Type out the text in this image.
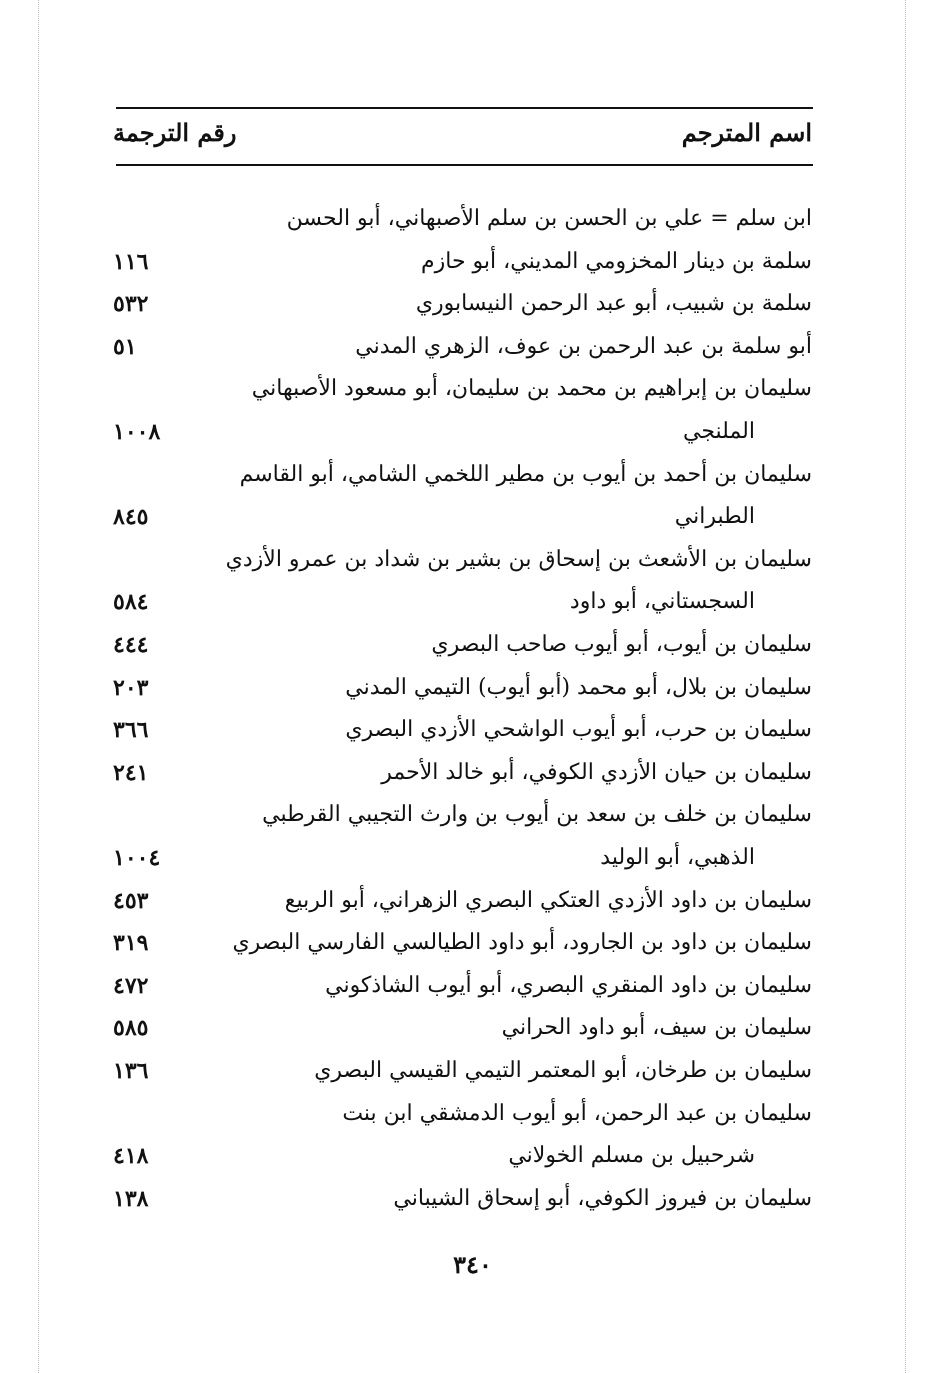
اسم المترجم
رقم الترجمة
ابن سلم = علي بن الحسن بن سلم الأصبهاني، أبو الحسن
سلمة بن دينار المخزومي المديني، أبو حازم
١١٦
سلمة بن شبيب، أبو عبد الرحمن النيسابوري
٥٣٢
أبو سلمة بن عبد الرحمن بن عوف، الزهري المدني
٥١
سليمان بن إبراهيم بن محمد بن سليمان، أبو مسعود الأصبهاني
الملنجي
١٠٠٨
سليمان بن أحمد بن أيوب بن مطير اللخمي الشامي، أبو القاسم
الطبراني
٨٤٥
سليمان بن الأشعث بن إسحاق بن بشير بن شداد بن عمرو الأزدي
السجستاني، أبو داود
٥٨٤
سليمان بن أيوب، أبو أيوب صاحب البصري
٤٤٤
سليمان بن بلال، أبو محمد (أبو أيوب) التيمي المدني
٢٠٣
سليمان بن حرب، أبو أيوب الواشحي الأزدي البصري
٣٦٦
سليمان بن حيان الأزدي الكوفي، أبو خالد الأحمر
٢٤١
سليمان بن خلف بن سعد بن أيوب بن وارث التجيبي القرطبي
الذهبي، أبو الوليد
١٠٠٤
سليمان بن داود الأزدي العتكي البصري الزهراني، أبو الربيع
٤٥٣
سليمان بن داود بن الجارود، أبو داود الطيالسي الفارسي البصري
٣١٩
سليمان بن داود المنقري البصري، أبو أيوب الشاذكوني
٤٧٢
سليمان بن سيف، أبو داود الحراني
٥٨٥
سليمان بن طرخان، أبو المعتمر التيمي القيسي البصري
١٣٦
سليمان بن عبد الرحمن، أبو أيوب الدمشقي ابن بنت
شرحبيل بن مسلم الخولاني
٤١٨
سليمان بن فيروز الكوفي، أبو إسحاق الشيباني
١٣٨
٣٤٠
